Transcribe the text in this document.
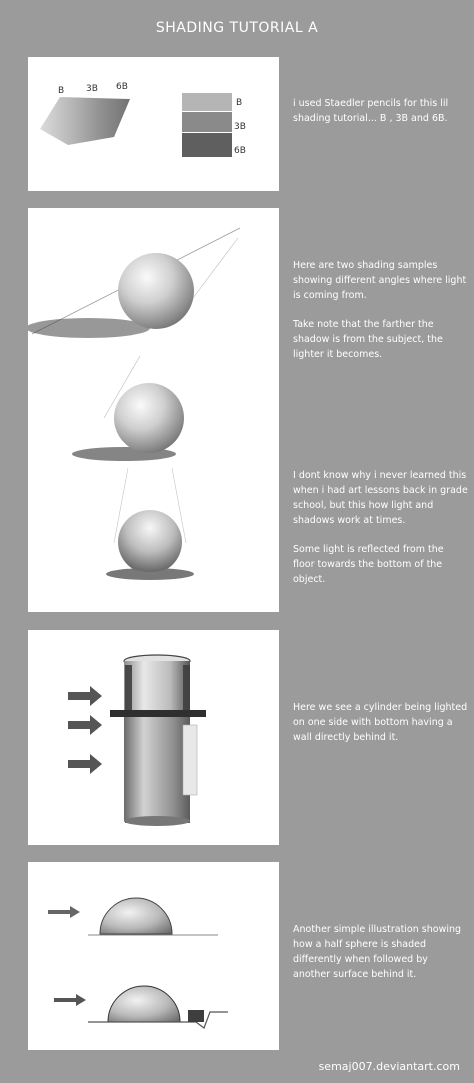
SHADING TUTORIAL A
B 3B 6B
B
3B
6B

i used Staedler pencils for this lil shading tutorial... B , 3B and 6B.

Here are two shading samples showing different angles where light is coming from.

Take note that the farther the shadow is from the subject, the lighter it becomes.

I dont know why i never learned this when i had art lessons back in grade school, but this how light and shadows work at times.

Some light is reflected from the floor towards the bottom of the object.

Here we see a cylinder being lighted on one side with bottom having a wall directly behind it.

Another simple illustration showing how a half sphere is shaded differently when followed by another surface behind it.

semaj007.deviantart.com
